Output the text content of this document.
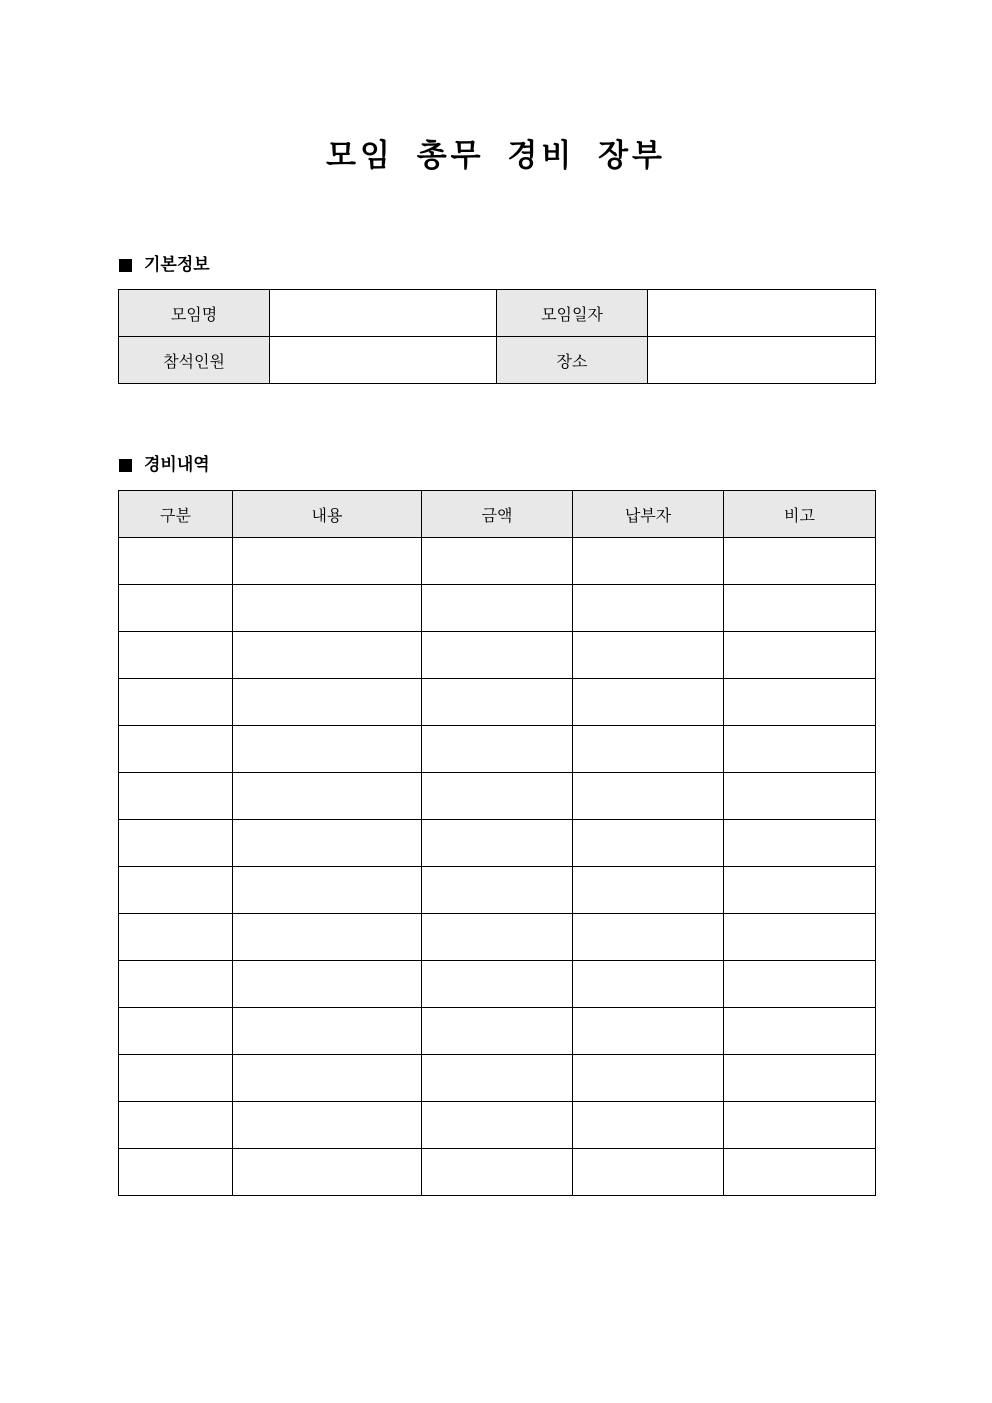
모임 총무 경비 장부
기본정보
모임명		모임일자	
참석인원		장소	
경비내역
구분	내용	금액	납부자	비고
